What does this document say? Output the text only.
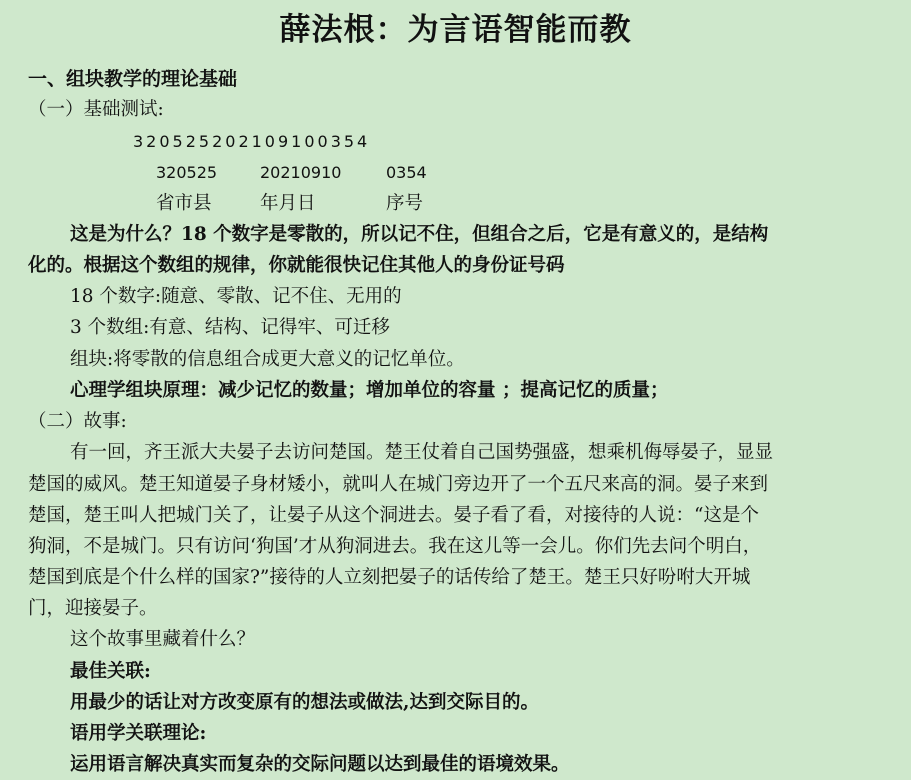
薛法根：为言语智能而教
一、组块教学的理论基础
（一）基础测试:
320525202109100354
320525	20210910	0354
省市县	年月日	序号
这是为什么？18 个数字是零散的，所以记不住，但组合之后，它是有意义的，是结构
化的。根据这个数组的规律，你就能很快记住其他人的身份证号码
18 个数字:随意、零散、记不住、无用的
3 个数组:有意、结构、记得牢、可迁移
组块:将零散的信息组合成更大意义的记忆单位。
心理学组块原理：减少记忆的数量；增加单位的容量 ；提高记忆的质量；
（二）故事:
有一回，齐王派大夫晏子去访问楚国。楚王仗着自己国势强盛，想乘机侮辱晏子，显显
楚国的威风。楚王知道晏子身材矮小，就叫人在城门旁边开了一个五尺来高的洞。晏子来到
楚国，楚王叫人把城门关了，让晏子从这个洞进去。晏子看了看，对接待的人说：“这是个
狗洞，不是城门。只有访问‘狗国’才从狗洞进去。我在这儿等一会儿。你们先去问个明白，
楚国到底是个什么样的国家?”接待的人立刻把晏子的话传给了楚王。楚王只好吩咐大开城
门，迎接晏子。
这个故事里藏着什么？
最佳关联:
用最少的话让对方改变原有的想法或做法,达到交际目的。
语用学关联理论:
运用语言解决真实而复杂的交际问题以达到最佳的语境效果。
